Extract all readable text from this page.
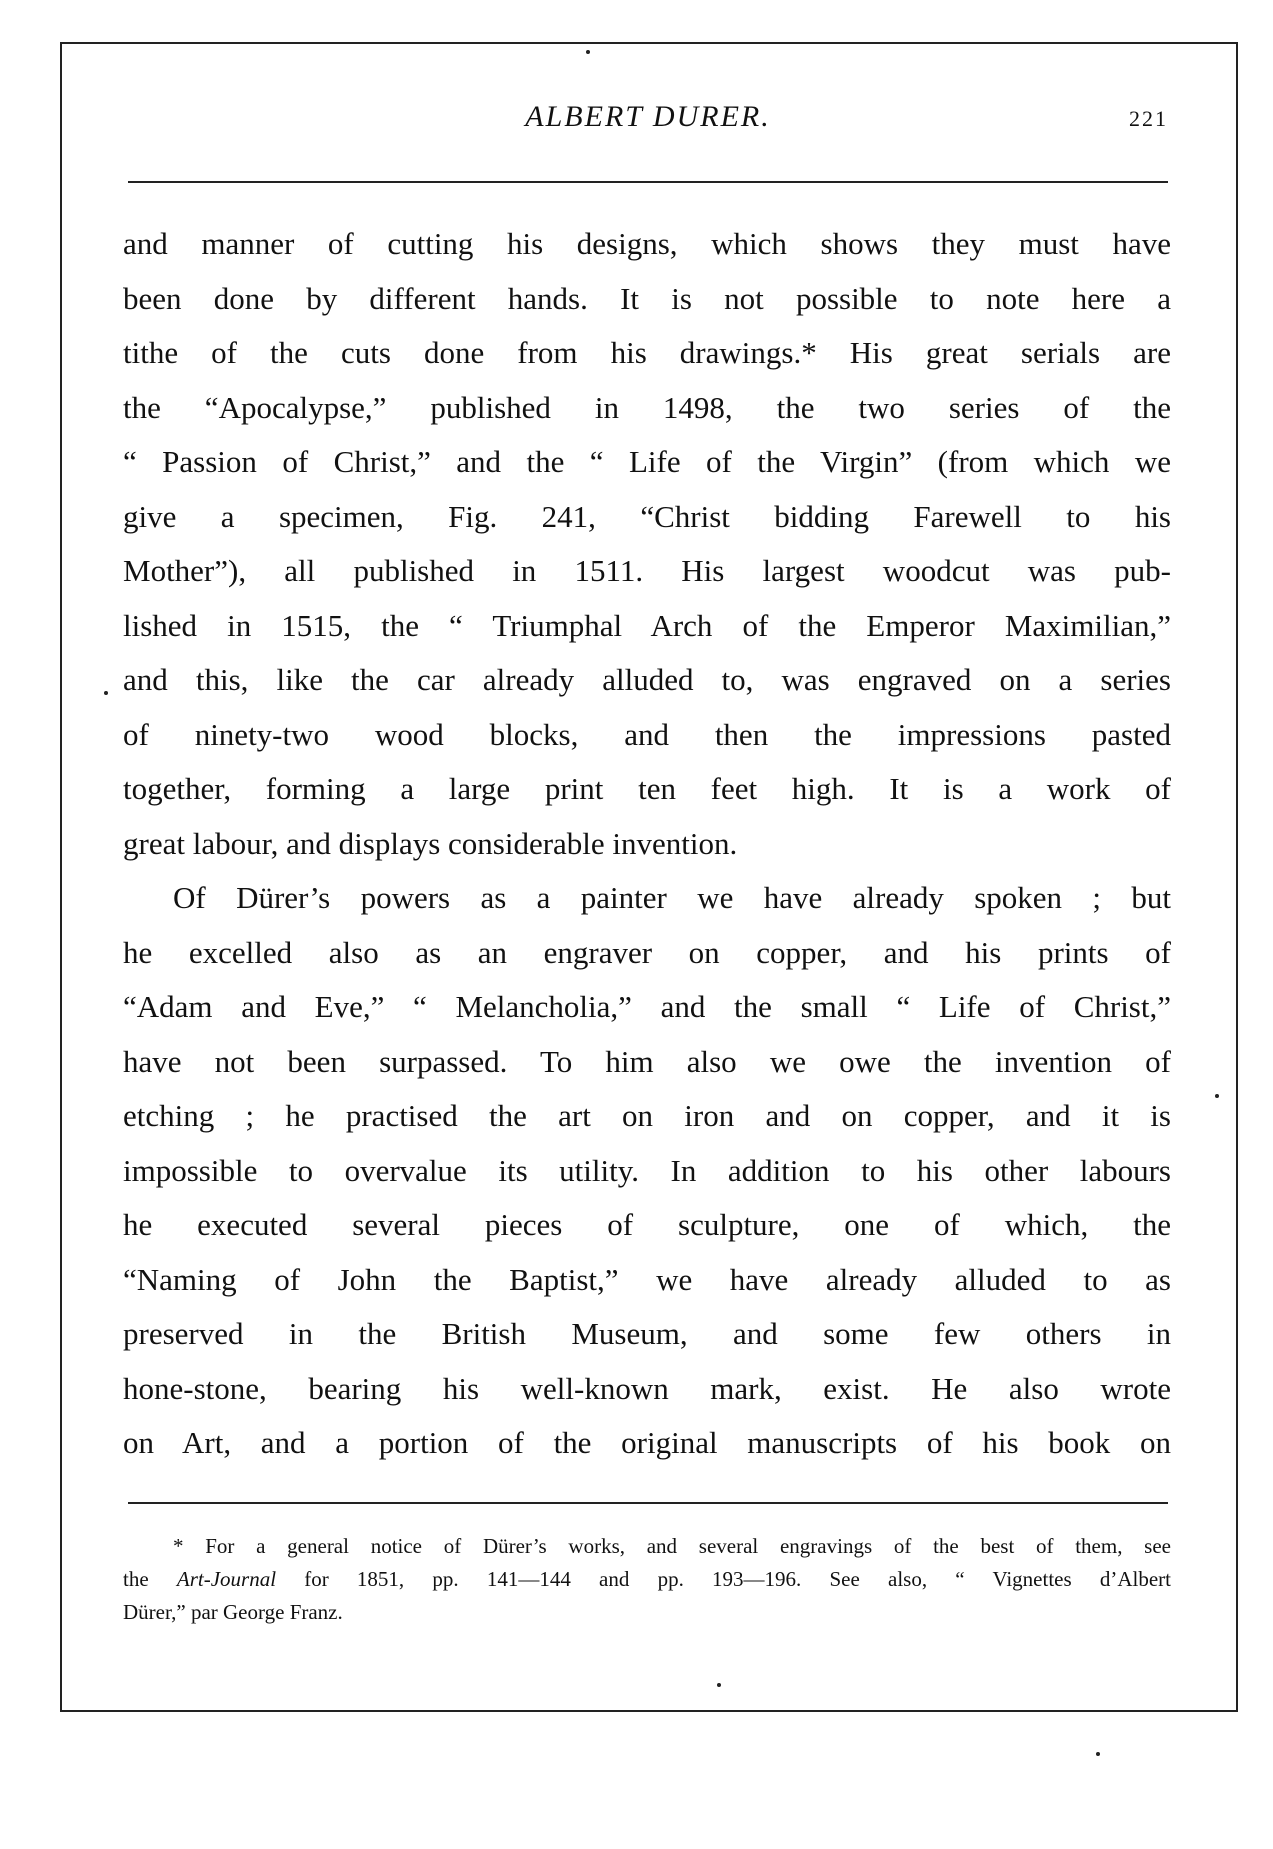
ALBERT DURER.	221
and manner of cutting his designs, which shows they must have
been done by different hands. It is not possible to note here a
tithe of the cuts done from his drawings.* His great serials are
the “Apocalypse,” published in 1498, the two series of the
“ Passion of Christ,” and the “ Life of the Virgin” (from which we
give a specimen, Fig. 241, “Christ bidding Farewell to his
Mother”), all published in 1511. His largest woodcut was pub-
lished in 1515, the “ Triumphal Arch of the Emperor Maximilian,”
and this, like the car already alluded to, was engraved on a series
of ninety-two wood blocks, and then the impressions pasted
together, forming a large print ten feet high. It is a work of
great labour, and displays considerable invention.
Of Dürer’s powers as a painter we have already spoken ; but
he excelled also as an engraver on copper, and his prints of
“Adam and Eve,” “ Melancholia,” and the small “ Life of Christ,”
have not been surpassed. To him also we owe the invention of
etching ; he practised the art on iron and on copper, and it is
impossible to overvalue its utility. In addition to his other labours
he executed several pieces of sculpture, one of which, the
“Naming of John the Baptist,” we have already alluded to as
preserved in the British Museum, and some few others in
hone-stone, bearing his well-known mark, exist. He also wrote
on Art, and a portion of the original manuscripts of his book on
* For a general notice of Dürer’s works, and several engravings of the best of them, see
the Art-Journal for 1851, pp. 141—144 and pp. 193—196. See also, “ Vignettes d’Albert
Dürer,” par George Franz.
